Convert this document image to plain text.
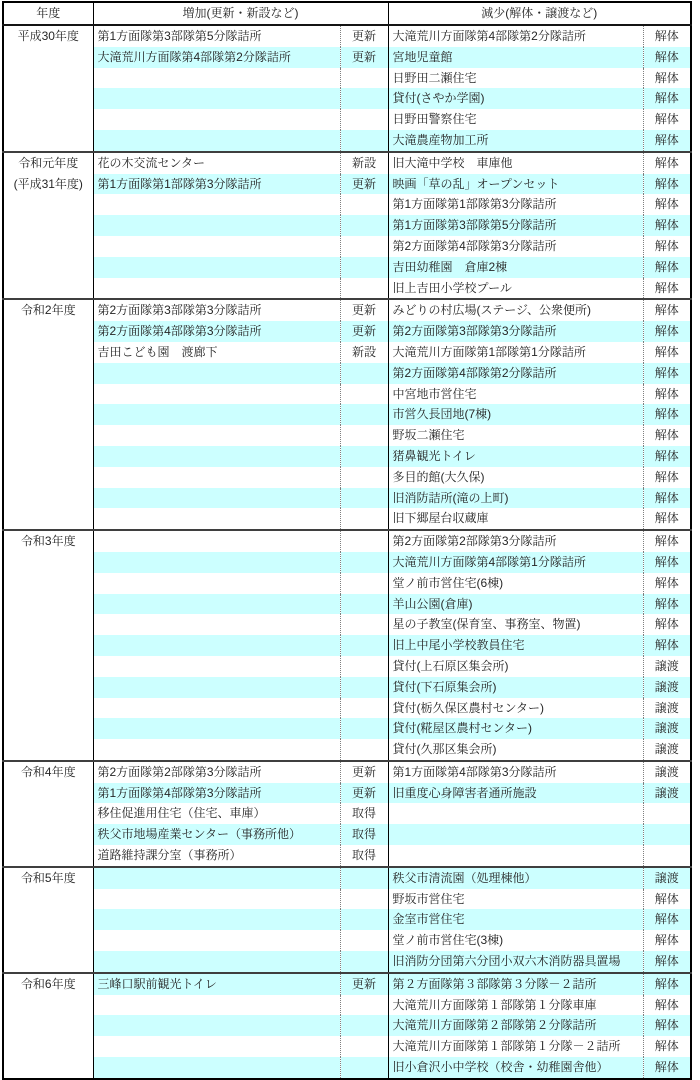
年度	増加(更新・新設など)		減少(解体・譲渡など)	

平成30年度	第1方面隊第3部隊第5分隊詰所	更新	大滝荒川方面隊第4部隊第2分隊詰所	解体
	大滝荒川方面隊第4部隊第2分隊詰所	更新	宮地児童館	解体
			日野田二瀬住宅	解体
			貸付(さやか学園)	解体
			日野田警察住宅	解体
			大滝農産物加工所	解体

令和元年度
(平成31年度)	花の木交流センター	新設	旧大滝中学校　車庫他	解体
	第1方面隊第1部隊第3分隊詰所	更新	映画「草の乱」オープンセット	解体
			第1方面隊第1部隊第3分隊詰所	解体
			第1方面隊第3部隊第5分隊詰所	解体
			第2方面隊第4部隊第3分隊詰所	解体
			吉田幼稚園　倉庫2棟	解体
			旧上吉田小学校プール	解体

令和2年度	第2方面隊第3部隊第3分隊詰所	更新	みどりの村広場(ステージ、公衆便所)	解体
	第2方面隊第4部隊第3分隊詰所	更新	第2方面隊第3部隊第3分隊詰所	解体
	吉田こども園　渡廊下	新設	大滝荒川方面隊第1部隊第1分隊詰所	解体
			第2方面隊第4部隊第2分隊詰所	解体
			中宮地市営住宅	解体
			市営久長団地(7棟)	解体
			野坂二瀬住宅	解体
			猪鼻観光トイレ	解体
			多目的館(大久保)	解体
			旧消防詰所(滝の上町)	解体
			旧下郷屋台収蔵庫	解体

令和3年度			第2方面隊第2部隊第3分隊詰所	解体
			大滝荒川方面隊第4部隊第1分隊詰所	解体
			堂ノ前市営住宅(6棟)	解体
			羊山公園(倉庫)	解体
			星の子教室(保育室、事務室、物置)	解体
			旧上中尾小学校教員住宅	解体
			貸付(上石原区集会所)	譲渡
			貸付(下石原集会所)	譲渡
			貸付(栃久保区農村センター)	譲渡
			貸付(糀屋区農村センター)	譲渡
			貸付(久那区集会所)	譲渡

令和4年度	第2方面隊第2部隊第3分隊詰所	更新	第1方面隊第4部隊第3分隊詰所	譲渡
	第1方面隊第4部隊第3分隊詰所	更新	旧重度心身障害者通所施設	譲渡
	移住促進用住宅（住宅、車庫）	取得		
	秩父市地場産業センター（事務所他）	取得		
	道路維持課分室（事務所）	取得		

令和5年度			秩父市清流園（処理棟他）	譲渡
			野坂市営住宅	解体
			金室市営住宅	解体
			堂ノ前市営住宅(3棟)	解体
			旧消防分団第六分団小双六木消防器具置場	解体

令和6年度	三峰口駅前観光トイレ	更新	第２方面隊第３部隊第３分隊－２詰所	解体
			大滝荒川方面隊第１部隊第１分隊車庫	解体
			大滝荒川方面隊第２部隊第２分隊詰所	解体
			大滝荒川方面隊第１部隊第１分隊－２詰所	解体
			旧小倉沢小中学校（校舎・幼稚園舎他）	解体
